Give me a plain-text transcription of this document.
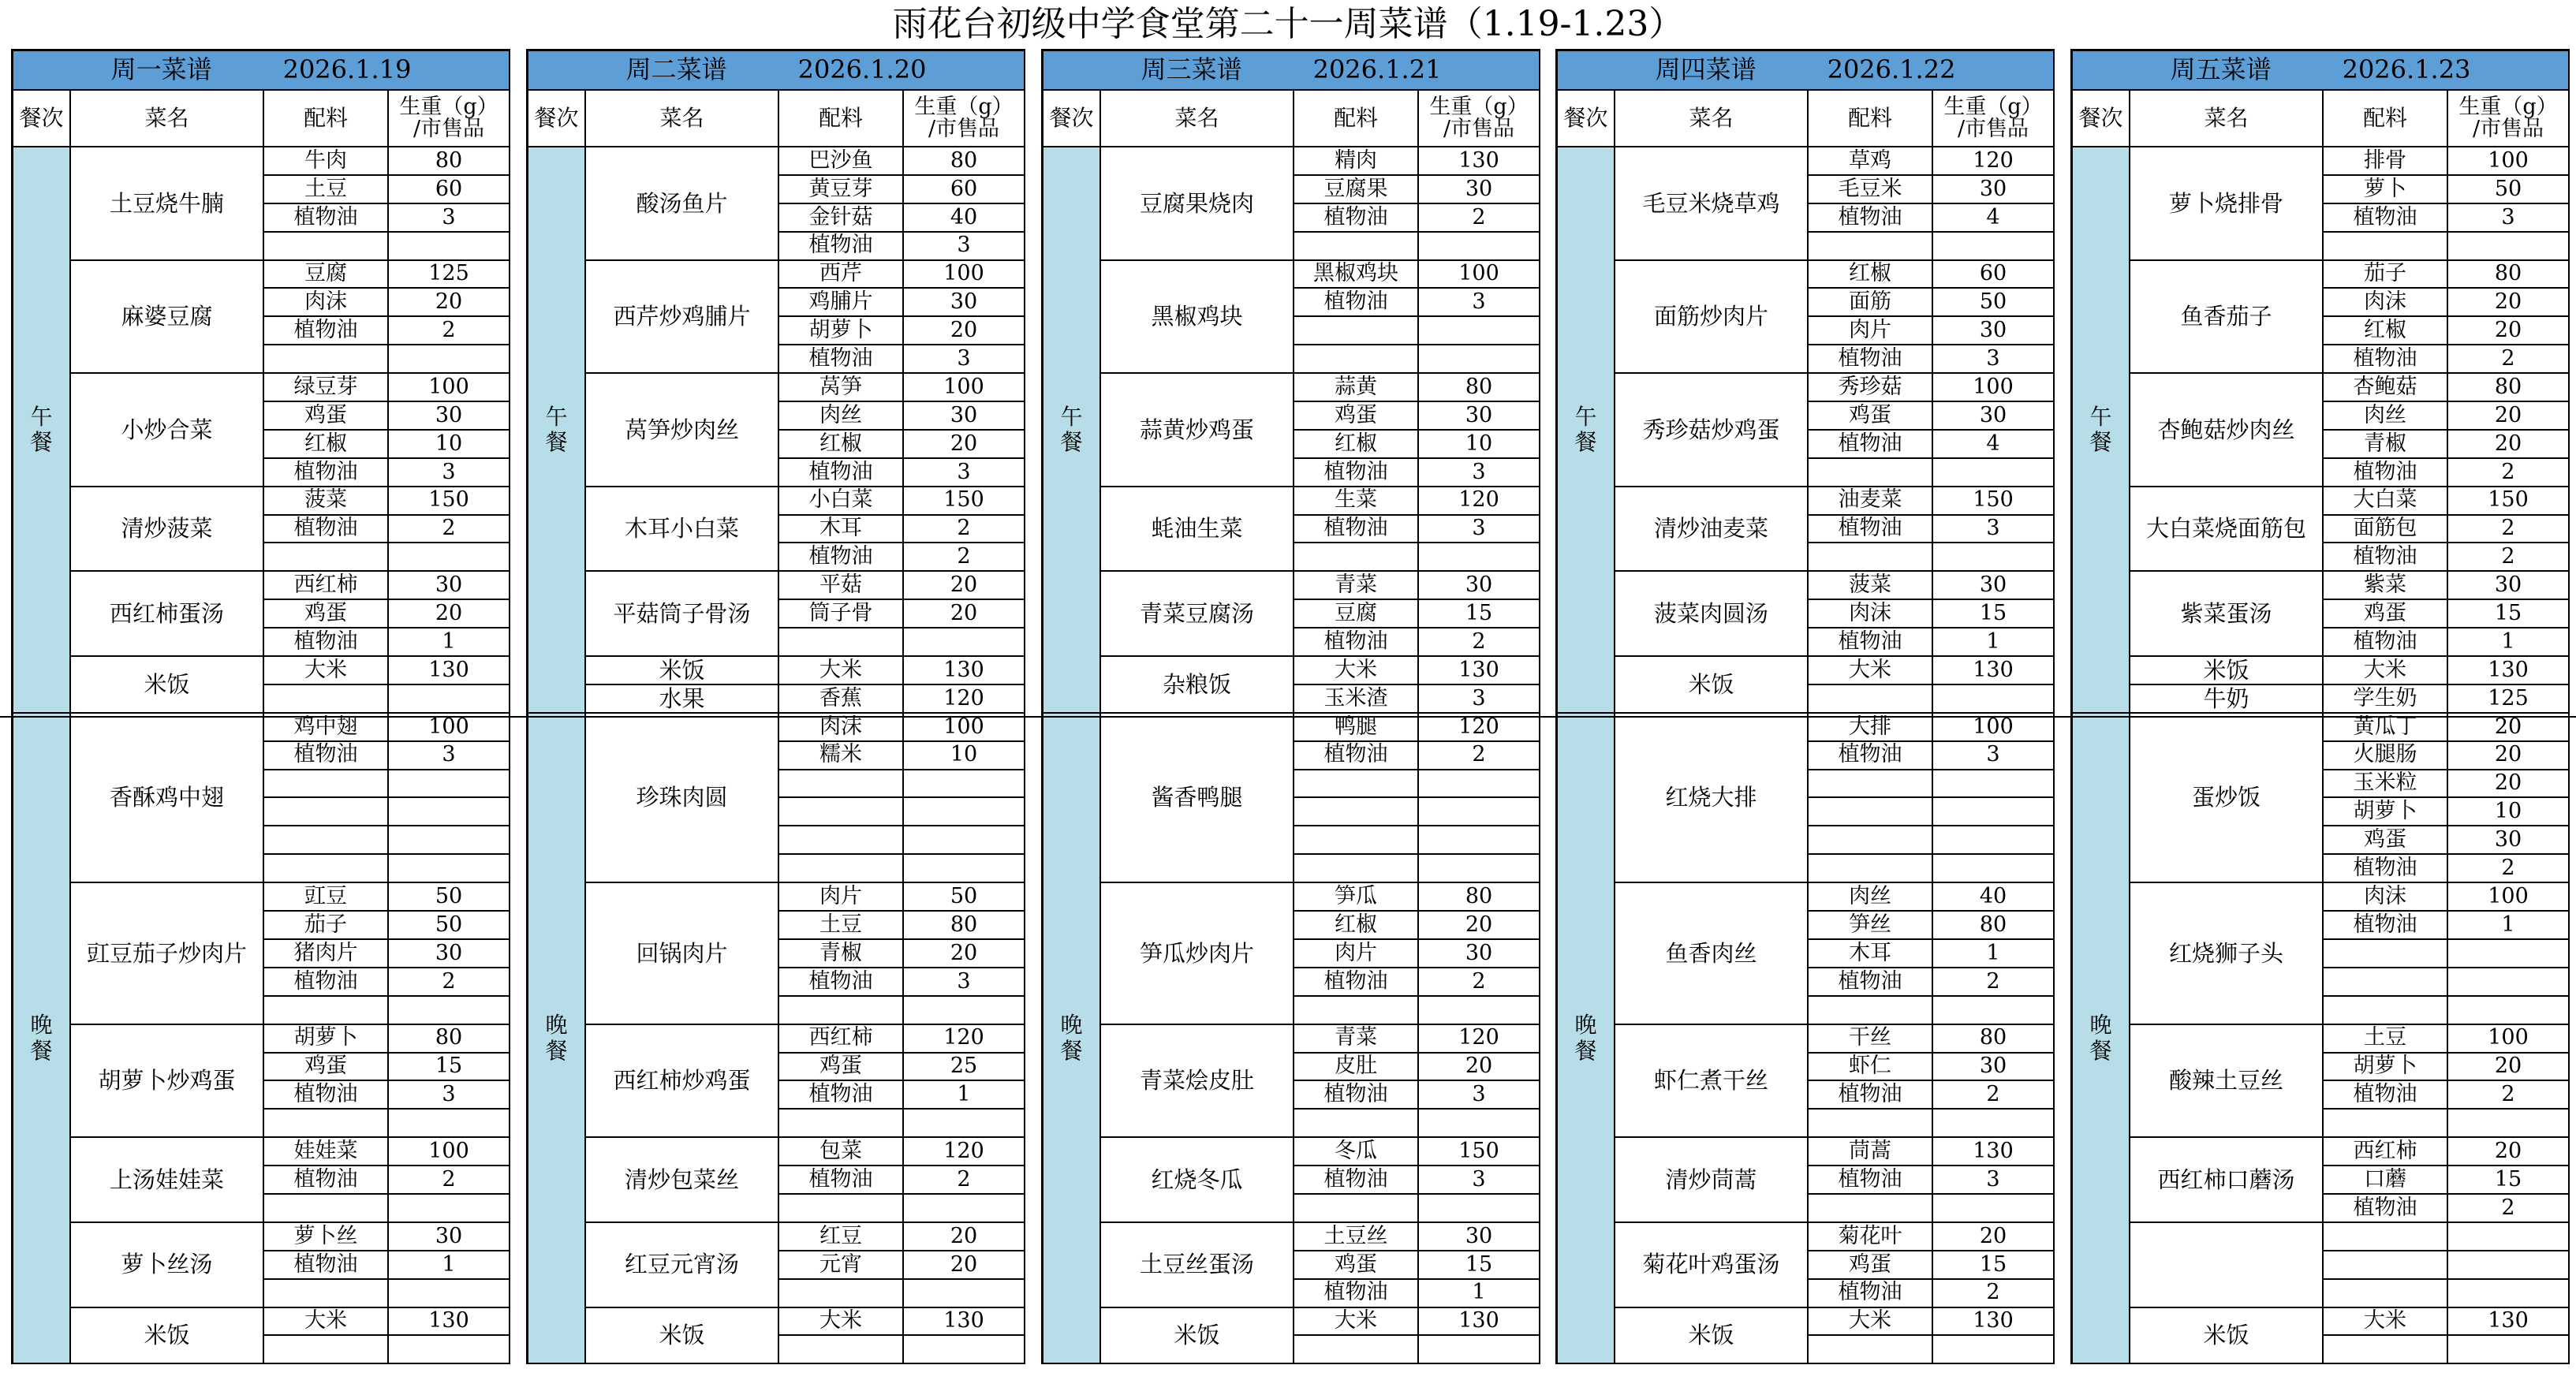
雨花台初级中学食堂第二十一周菜谱（1.19-1.23）
周一菜谱	2026.1.19
餐次	菜名	配料	生重（g）
/市售品
午
餐
土豆烧牛腩
牛肉	80
土豆	60
植物油	3
麻婆豆腐
豆腐	125
肉沫	20
植物油	2
小炒合菜
绿豆芽	100
鸡蛋	30
红椒	10
植物油	3
清炒菠菜
菠菜	150
植物油	2
西红柿蛋汤
西红柿	30
鸡蛋	20
植物油	1
米饭
大米	130
晚
餐
香酥鸡中翅
鸡中翅	100
植物油	3
豇豆茄子炒肉片
豇豆	50
茄子	50
猪肉片	30
植物油	2
胡萝卜炒鸡蛋
胡萝卜	80
鸡蛋	15
植物油	3
上汤娃娃菜
娃娃菜	100
植物油	2
萝卜丝汤
萝卜丝	30
植物油	1
米饭
大米	130
周二菜谱	2026.1.20
餐次	菜名	配料	生重（g）
/市售品
午
餐
酸汤鱼片
巴沙鱼	80
黄豆芽	60
金针菇	40
植物油	3
西芹炒鸡脯片
西芹	100
鸡脯片	30
胡萝卜	20
植物油	3
莴笋炒肉丝
莴笋	100
肉丝	30
红椒	20
植物油	3
木耳小白菜
小白菜	150
木耳	2
植物油	2
平菇筒子骨汤
平菇	20
筒子骨	20
米饭	大米	130
水果	香蕉	120
晚
餐
珍珠肉圆
肉沫	100
糯米	10
回锅肉片
肉片	50
土豆	80
青椒	20
植物油	3
西红柿炒鸡蛋
西红柿	120
鸡蛋	25
植物油	1
清炒包菜丝
包菜	120
植物油	2
红豆元宵汤
红豆	20
元宵	20
米饭
大米	130
周三菜谱	2026.1.21
餐次	菜名	配料	生重（g）
/市售品
午
餐
豆腐果烧肉
精肉	130
豆腐果	30
植物油	2
黑椒鸡块
黑椒鸡块	100
植物油	3
蒜黄炒鸡蛋
蒜黄	80
鸡蛋	30
红椒	10
植物油	3
蚝油生菜
生菜	120
植物油	3
青菜豆腐汤
青菜	30
豆腐	15
植物油	2
杂粮饭
大米	130
玉米渣	3
晚
餐
酱香鸭腿
鸭腿	120
植物油	2
笋瓜炒肉片
笋瓜	80
红椒	20
肉片	30
植物油	2
青菜烩皮肚
青菜	120
皮肚	20
植物油	3
红烧冬瓜
冬瓜	150
植物油	3
土豆丝蛋汤
土豆丝	30
鸡蛋	15
植物油	1
米饭
大米	130
周四菜谱	2026.1.22
餐次	菜名	配料	生重（g）
/市售品
午
餐
毛豆米烧草鸡
草鸡	120
毛豆米	30
植物油	4
面筋炒肉片
红椒	60
面筋	50
肉片	30
植物油	3
秀珍菇炒鸡蛋
秀珍菇	100
鸡蛋	30
植物油	4
清炒油麦菜
油麦菜	150
植物油	3
菠菜肉圆汤
菠菜	30
肉沫	15
植物油	1
米饭
大米	130
晚
餐
红烧大排
大排	100
植物油	3
鱼香肉丝
肉丝	40
笋丝	80
木耳	1
植物油	2
虾仁煮干丝
干丝	80
虾仁	30
植物油	2
清炒茼蒿
茼蒿	130
植物油	3
菊花叶鸡蛋汤
菊花叶	20
鸡蛋	15
植物油	2
米饭
大米	130
周五菜谱	2026.1.23
餐次	菜名	配料	生重（g）
/市售品
午
餐
萝卜烧排骨
排骨	100
萝卜	50
植物油	3
鱼香茄子
茄子	80
肉沫	20
红椒	20
植物油	2
杏鲍菇炒肉丝
杏鲍菇	80
肉丝	20
青椒	20
植物油	2
大白菜烧面筋包
大白菜	150
面筋包	2
植物油	2
紫菜蛋汤
紫菜	30
鸡蛋	15
植物油	1
米饭	大米	130
牛奶	学生奶	125
晚
餐
蛋炒饭
黄瓜丁	20
火腿肠	20
玉米粒	20
胡萝卜	10
鸡蛋	30
植物油	2
红烧狮子头
肉沫	100
植物油	1
酸辣土豆丝
土豆	100
胡萝卜	20
植物油	2
西红柿口蘑汤
西红柿	20
口蘑	15
植物油	2
米饭
大米	130
